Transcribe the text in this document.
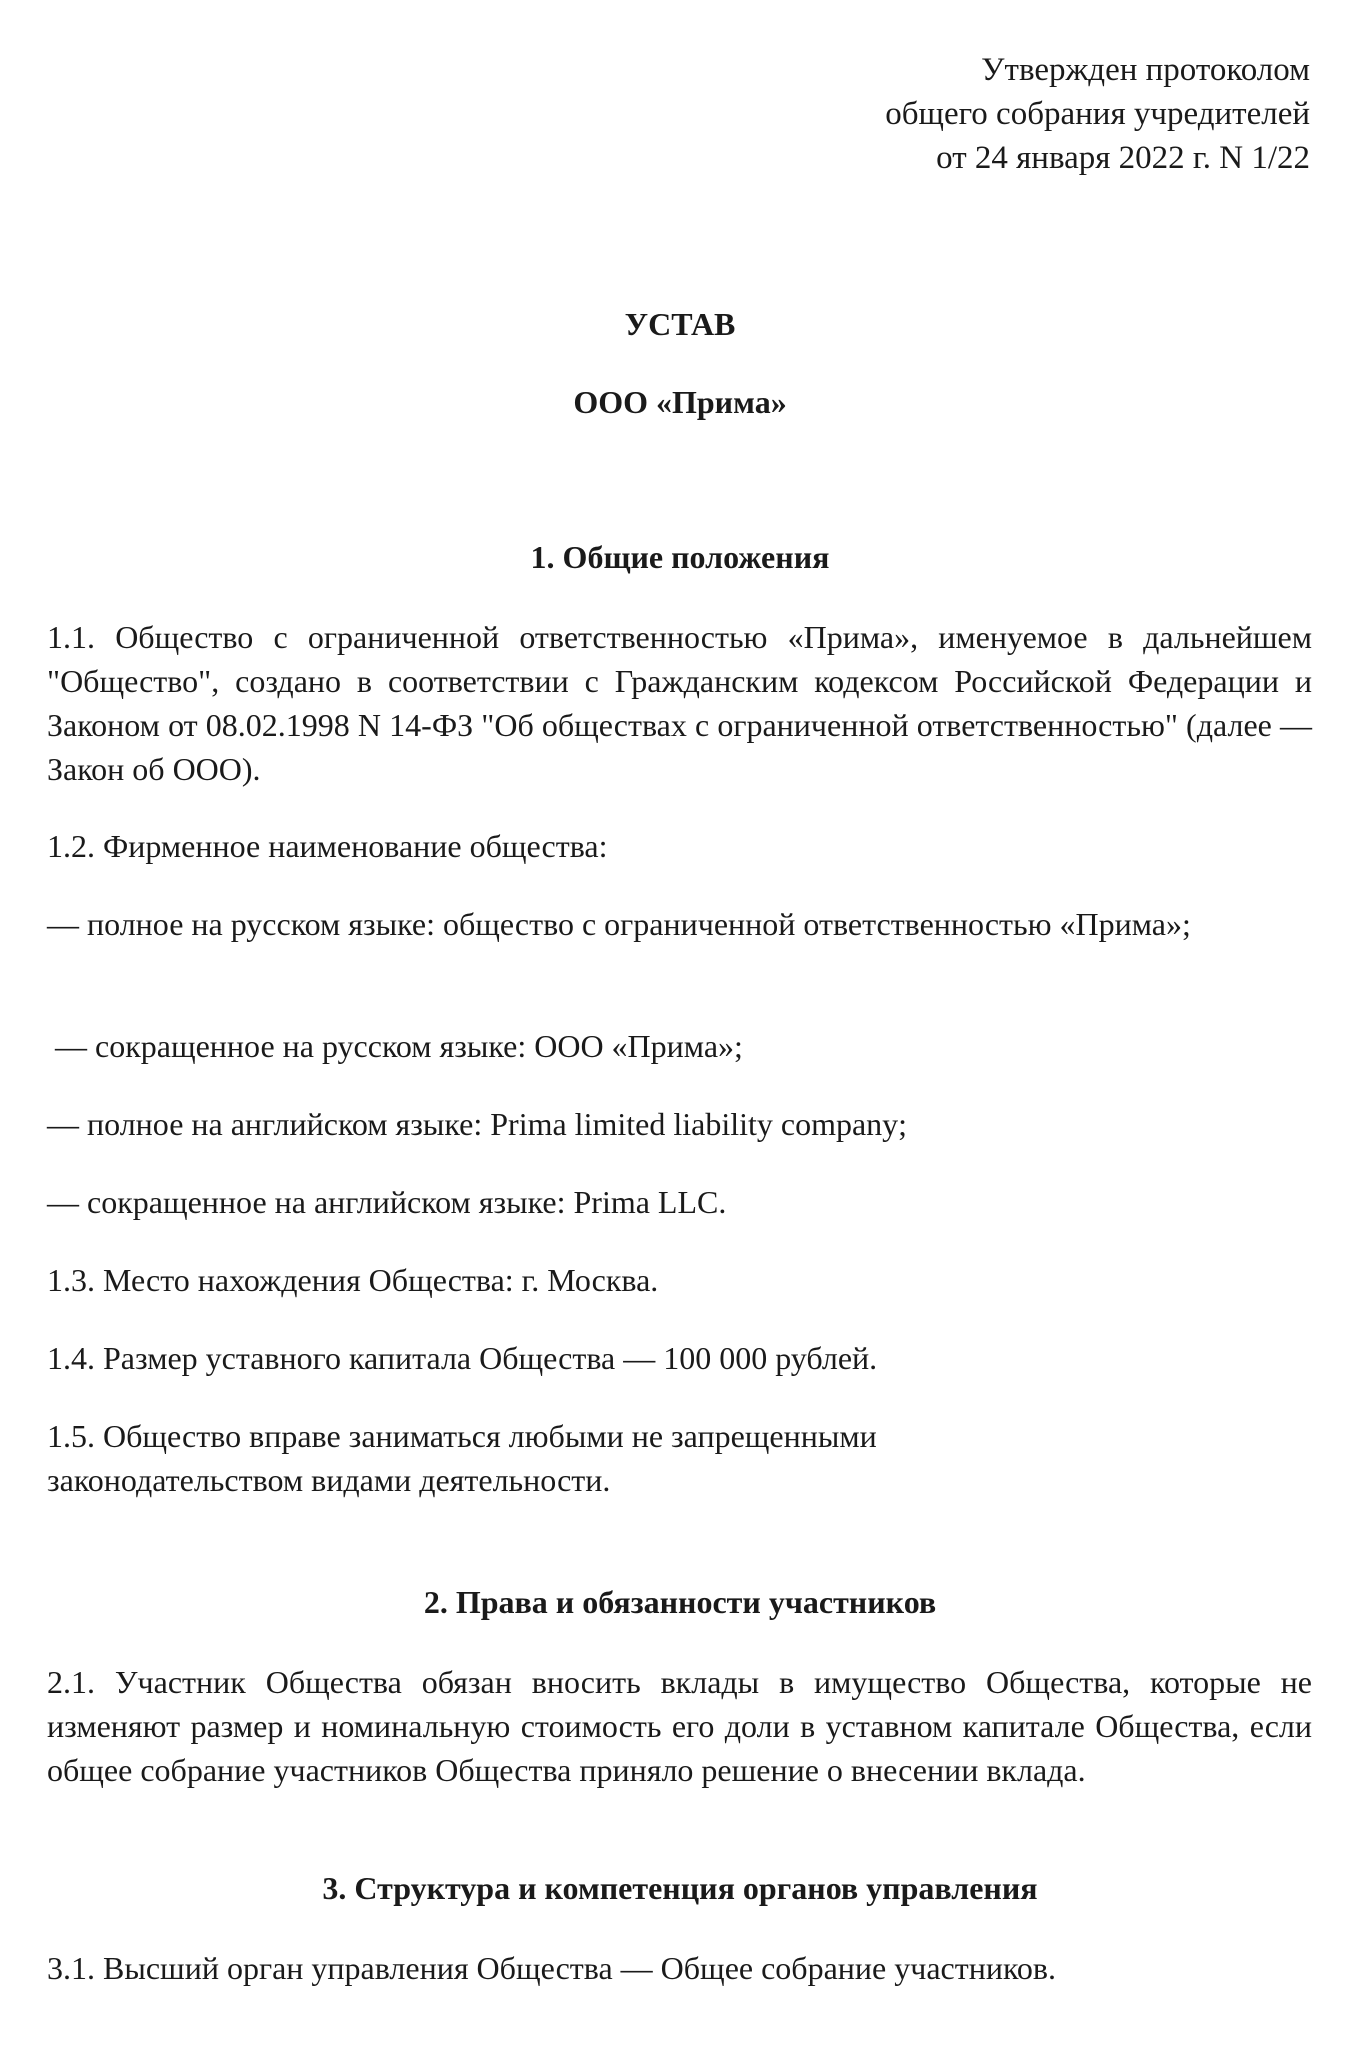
Утвержден протоколом
общего собрания учредителей
от 24 января 2022 г. N 1/22
УСТАВ
ООО «Прима»
1. Общие положения
1.1. Общество с ограниченной ответственностью «Прима», именуемое в дальнейшем "Общество", создано в соответствии с Гражданским кодексом Российской Федерации и Законом от 08.02.1998 N 14-ФЗ "Об обществах с ограниченной ответственностью" (далее — Закон об ООО).
1.2. Фирменное наименование общества:
— полное на русском языке: общество с ограниченной ответственностью «Прима»;
— сокращенное на русском языке: ООО «Прима»;
— полное на английском языке: Prima limited liability company;
— сокращенное на английском языке: Prima LLC.
1.3. Место нахождения Общества: г. Москва.
1.4. Размер уставного капитала Общества — 100 000 рублей.
1.5. Общество вправе заниматься любыми не запрещенными
законодательством видами деятельности.
2. Права и обязанности участников
2.1. Участник Общества обязан вносить вклады в имущество Общества, которые не изменяют размер и номинальную стоимость его доли в уставном капитале Общества, если общее собрание участников Общества приняло решение о внесении вклада.
3. Структура и компетенция органов управления
3.1. Высший орган управления Общества — Общее собрание участников.
